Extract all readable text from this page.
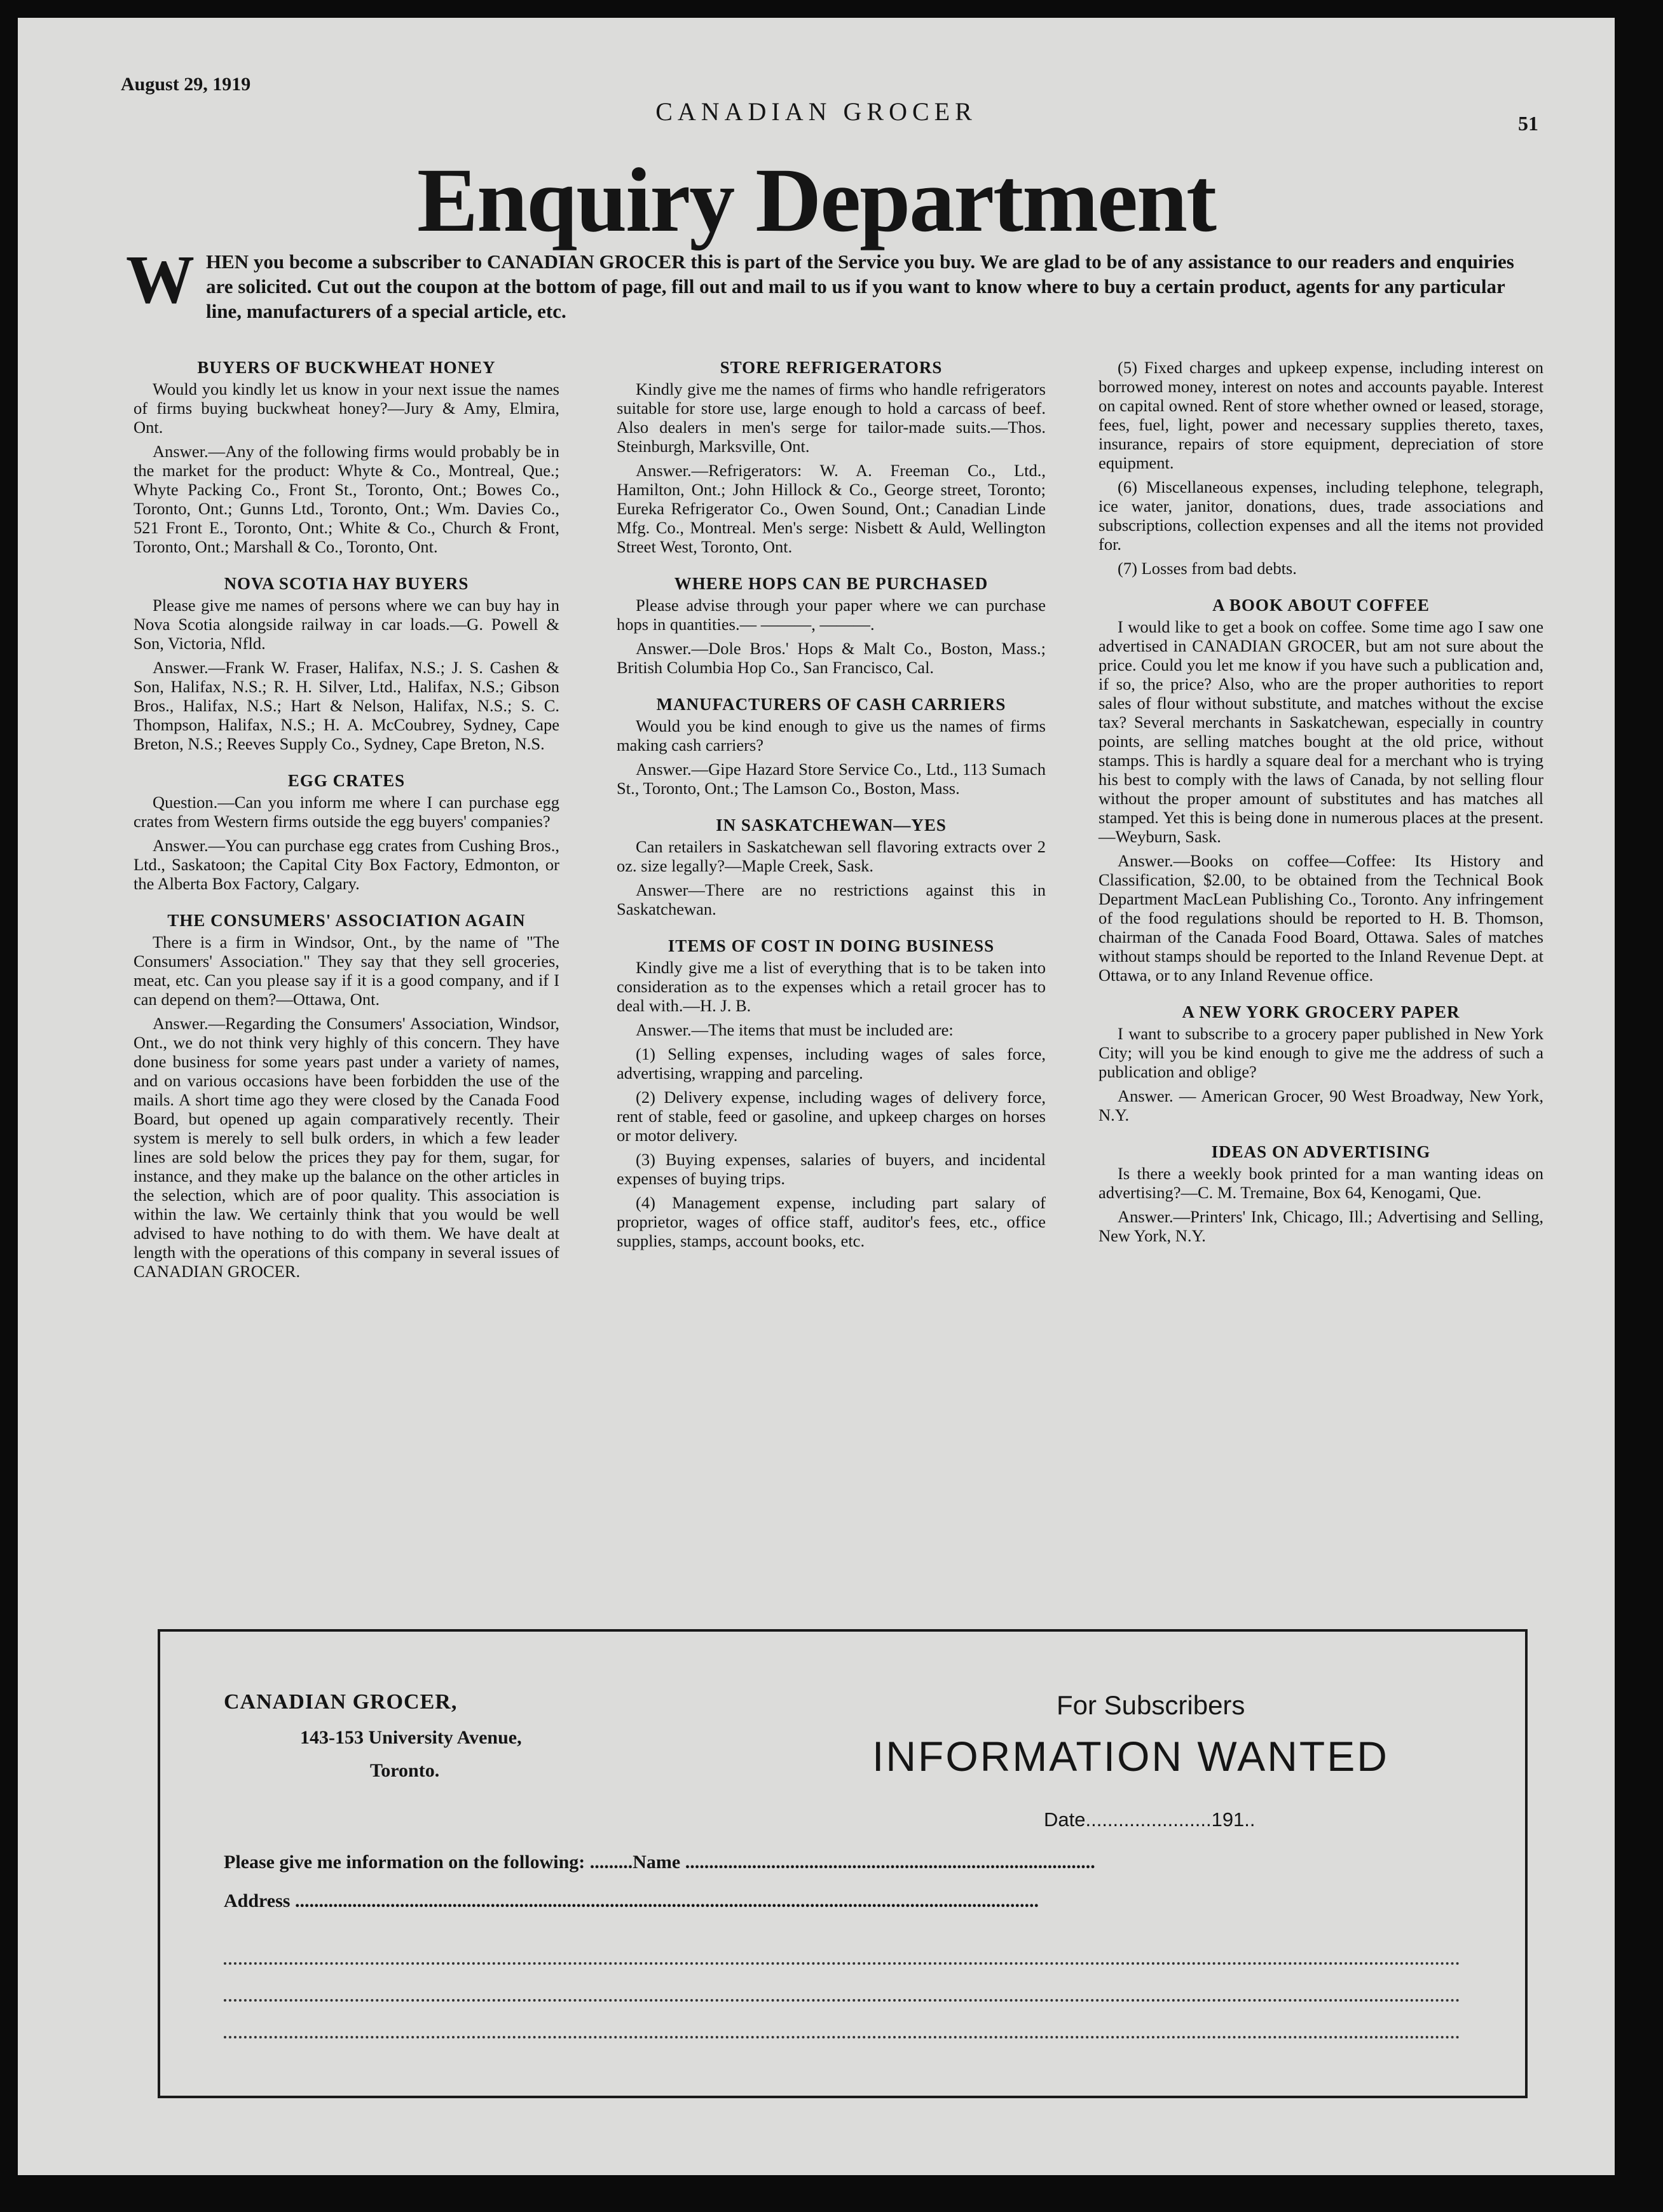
August 29, 1919
CANADIAN GROCER	51
Enquiry Department
WHEN you become a subscriber to CANADIAN GROCER this is part of the Service you buy. We are glad to be of any assistance to our readers and enquiries are solicited. Cut out the coupon at the bottom of page, fill out and mail to us if you want to know where to buy a certain product, agents for any particular line, manufacturers of a special article, etc.
BUYERS OF BUCKWHEAT HONEY

Would you kindly let us know in your next issue the names of firms buying buckwheat honey?—Jury & Amy, Elmira, Ont.

Answer.—Any of the following firms would probably be in the market for the product: Whyte & Co., Montreal, Que.; Whyte Packing Co., Front St., Toronto, Ont.; Bowes Co., Toronto, Ont.; Gunns Ltd., Toronto, Ont.; Wm. Davies Co., 521 Front E., Toronto, Ont.; White & Co., Church & Front, Toronto, Ont.; Marshall & Co., Toronto, Ont.

NOVA SCOTIA HAY BUYERS

Please give me names of persons where we can buy hay in Nova Scotia alongside railway in car loads.—G. Powell & Son, Victoria, Nfld.

Answer.—Frank W. Fraser, Halifax, N.S.; J. S. Cashen & Son, Halifax, N.S.; R. H. Silver, Ltd., Halifax, N.S.; Gibson Bros., Halifax, N.S.; Hart & Nelson, Halifax, N.S.; S. C. Thompson, Halifax, N.S.; H. A. McCoubrey, Sydney, Cape Breton, N.S.; Reeves Supply Co., Sydney, Cape Breton, N.S.

EGG CRATES

Question.—Can you inform me where I can purchase egg crates from Western firms outside the egg buyers' companies?

Answer.—You can purchase egg crates from Cushing Bros., Ltd., Saskatoon; the Capital City Box Factory, Edmonton, or the Alberta Box Factory, Calgary.

THE CONSUMERS' ASSOCIATION AGAIN

There is a firm in Windsor, Ont., by the name of "The Consumers' Association." They say that they sell groceries, meat, etc. Can you please say if it is a good company, and if I can depend on them?—Ottawa, Ont.

Answer.—Regarding the Consumers' Association, Windsor, Ont., we do not think very highly of this concern. They have done business for some years past under a variety of names, and on various occasions have been forbidden the use of the mails. A short time ago they were closed by the Canada Food Board, but opened up again comparatively recently. Their system is merely to sell bulk orders, in which a few leader lines are sold below the prices they pay for them, sugar, for instance, and they make up the balance on the other articles in the selection, which are of poor quality. This association is within the law. We certainly think that you would be well advised to have nothing to do with them. We have dealt at length with the operations of this company in several issues of CANADIAN GROCER.

STORE REFRIGERATORS

Kindly give me the names of firms who handle refrigerators suitable for store use, large enough to hold a carcass of beef. Also dealers in men's serge for tailor-made suits.—Thos. Steinburgh, Marksville, Ont.

Answer.—Refrigerators: W. A. Freeman Co., Ltd., Hamilton, Ont.; John Hillock & Co., George street, Toronto; Eureka Refrigerator Co., Owen Sound, Ont.; Canadian Linde Mfg. Co., Montreal. Men's serge: Nisbett & Auld, Wellington Street West, Toronto, Ont.

WHERE HOPS CAN BE PURCHASED

Please advise through your paper where we can purchase hops in quantities.— ———, ———.

Answer.—Dole Bros.' Hops & Malt Co., Boston, Mass.; British Columbia Hop Co., San Francisco, Cal.

MANUFACTURERS OF CASH CARRIERS

Would you be kind enough to give us the names of firms making cash carriers?

Answer.—Gipe Hazard Store Service Co., Ltd., 113 Sumach St., Toronto, Ont.; The Lamson Co., Boston, Mass.

IN SASKATCHEWAN—YES

Can retailers in Saskatchewan sell flavoring extracts over 2 oz. size legally?—Maple Creek, Sask.

Answer—There are no restrictions against this in Saskatchewan.

ITEMS OF COST IN DOING BUSINESS

Kindly give me a list of everything that is to be taken into consideration as to the expenses which a retail grocer has to deal with.—H. J. B.

Answer.—The items that must be included are:

(1) Selling expenses, including wages of sales force, advertising, wrapping and parceling.

(2) Delivery expense, including wages of delivery force, rent of stable, feed or gasoline, and upkeep charges on horses or motor delivery.

(3) Buying expenses, salaries of buyers, and incidental expenses of buying trips.

(4) Management expense, including part salary of proprietor, wages of office staff, auditor's fees, etc., office supplies, stamps, account books, etc.

(5) Fixed charges and upkeep expense, including interest on borrowed money, interest on notes and accounts payable. Interest on capital owned. Rent of store whether owned or leased, storage, fees, fuel, light, power and necessary supplies thereto, taxes, insurance, repairs of store equipment, depreciation of store equipment.

(6) Miscellaneous expenses, including telephone, telegraph, ice water, janitor, donations, dues, trade associations and subscriptions, collection expenses and all the items not provided for.

(7) Losses from bad debts.

A BOOK ABOUT COFFEE

I would like to get a book on coffee. Some time ago I saw one advertised in CANADIAN GROCER, but am not sure about the price. Could you let me know if you have such a publication and, if so, the price? Also, who are the proper authorities to report sales of flour without substitute, and matches without the excise tax? Several merchants in Saskatchewan, especially in country points, are selling matches bought at the old price, without stamps. This is hardly a square deal for a merchant who is trying his best to comply with the laws of Canada, by not selling flour without the proper amount of substitutes and has matches all stamped. Yet this is being done in numerous places at the present.—Weyburn, Sask.

Answer.—Books on coffee—Coffee: Its History and Classification, $2.00, to be obtained from the Technical Book Department MacLean Publishing Co., Toronto. Any infringement of the food regulations should be reported to H. B. Thomson, chairman of the Canada Food Board, Ottawa. Sales of matches without stamps should be reported to the Inland Revenue Dept. at Ottawa, or to any Inland Revenue office.

A NEW YORK GROCERY PAPER

I want to subscribe to a grocery paper published in New York City; will you be kind enough to give me the address of such a publication and oblige?

Answer. — American Grocer, 90 West Broadway, New York, N.Y.

IDEAS ON ADVERTISING

Is there a weekly book printed for a man wanting ideas on advertising?—C. M. Tremaine, Box 64, Kenogami, Que.

Answer.—Printers' Ink, Chicago, Ill.; Advertising and Selling, New York, N.Y.

CANADIAN GROCER,
143-153 University Avenue,
Toronto.
For Subscribers
INFORMATION WANTED
Date.......................191..
Please give me information on the following: .........Name ......................................................................................
Address ............................................................................................................................................................
